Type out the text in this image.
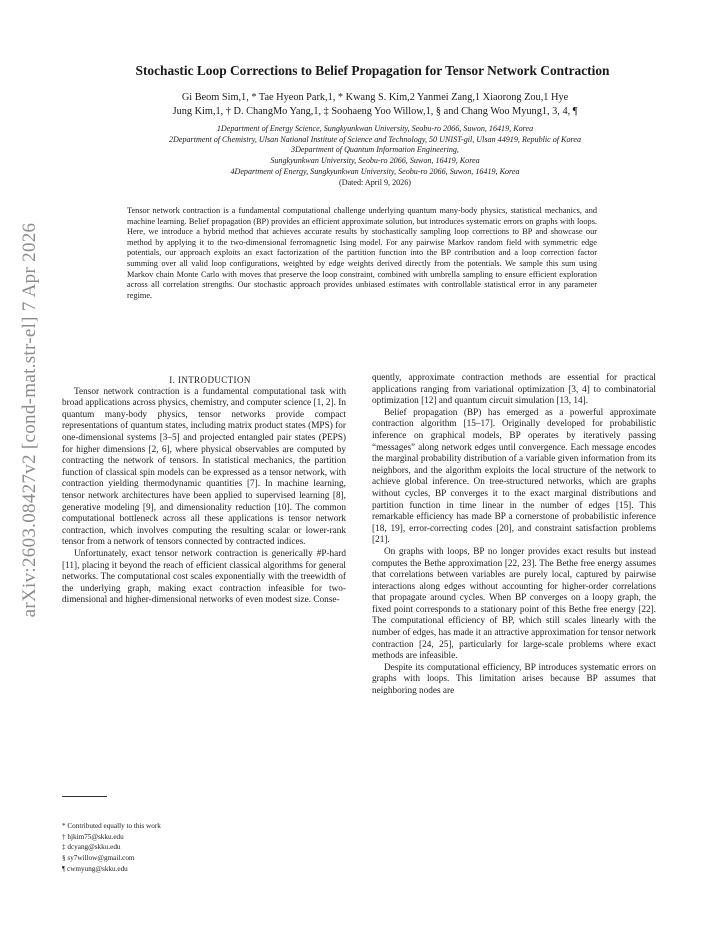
arXiv:2603.08427v2 [cond-mat.str-el] 7 Apr 2026
Stochastic Loop Corrections to Belief Propagation for Tensor Network Contraction
Gi Beom Sim,1, * Tae Hyeon Park,1, * Kwang S. Kim,2 Yanmei Zang,1 Xiaorong Zou,1 Hye
Jung Kim,1, † D. ChangMo Yang,1, ‡ Soohaeng Yoo Willow,1, § and Chang Woo Myung1, 3, 4, ¶
1Department of Energy Science, Sungkyunkwan University, Seobu-ro 2066, Suwon, 16419, Korea
2Department of Chemistry, Ulsan National Institute of Science and Technology, 50 UNIST-gil, Ulsan 44919, Republic of Korea
3Department of Quantum Information Engineering,
Sungkyunkwan University, Seobu-ro 2066, Suwon, 16419, Korea
4Department of Energy, Sungkyunkwan University, Seobu-ro 2066, Suwon, 16419, Korea
(Dated: April 9, 2026)
Tensor network contraction is a fundamental computational challenge underlying quantum many-body physics, statistical mechanics, and machine learning. Belief propagation (BP) provides an efficient approximate solution, but introduces systematic errors on graphs with loops. Here, we introduce a hybrid method that achieves accurate results by stochastically sampling loop corrections to BP and showcase our method by applying it to the two-dimensional ferromagnetic Ising model. For any pairwise Markov random field with symmetric edge potentials, our approach exploits an exact factorization of the partition function into the BP contribution and a loop correction factor summing over all valid loop configurations, weighted by edge weights derived directly from the potentials. We sample this sum using Markov chain Monte Carlo with moves that preserve the loop constraint, combined with umbrella sampling to ensure efficient exploration across all correlation strengths. Our stochastic approach provides unbiased estimates with controllable statistical error in any parameter regime.

I. INTRODUCTION

Tensor network contraction is a fundamental computational task with broad applications across physics, chemistry, and computer science [1, 2]. In quantum many-body physics, tensor networks provide compact representations of quantum states, including matrix product states (MPS) for one-dimensional systems [3–5] and projected entangled pair states (PEPS) for higher dimensions [2, 6], where physical observables are computed by contracting the network of tensors. In statistical mechanics, the partition function of classical spin models can be expressed as a tensor network, with contraction yielding thermodynamic quantities [7]. In machine learning, tensor network architectures have been applied to supervised learning [8], generative modeling [9], and dimensionality reduction [10]. The common computational bottleneck across all these applications is tensor network contraction, which involves computing the resulting scalar or lower-rank tensor from a network of tensors connected by contracted indices.

Unfortunately, exact tensor network contraction is generically #P-hard [11], placing it beyond the reach of efficient classical algorithms for general networks. The computational cost scales exponentially with the treewidth of the underlying graph, making exact contraction infeasible for two-dimensional and higher-dimensional networks of even modest size. Conse-

quently, approximate contraction methods are essential for practical applications ranging from variational optimization [3, 4] to combinatorial optimization [12] and quantum circuit simulation [13, 14].

Belief propagation (BP) has emerged as a powerful approximate contraction algorithm [15–17]. Originally developed for probabilistic inference on graphical models, BP operates by iteratively passing “messages” along network edges until convergence. Each message encodes the marginal probability distribution of a variable given information from its neighbors, and the algorithm exploits the local structure of the network to achieve global inference. On tree-structured networks, which are graphs without cycles, BP converges it to the exact marginal distributions and partition function in time linear in the number of edges [15]. This remarkable efficiency has made BP a cornerstone of probabilistic inference [18, 19], error-correcting codes [20], and constraint satisfaction problems [21].

On graphs with loops, BP no longer provides exact results but instead computes the Bethe approximation [22, 23]. The Bethe free energy assumes that correlations between variables are purely local, captured by pairwise interactions along edges without accounting for higher-order correlations that propagate around cycles. When BP converges on a loopy graph, the fixed point corresponds to a stationary point of this Bethe free energy [22]. The computational efficiency of BP, which still scales linearly with the number of edges, has made it an attractive approximation for tensor network contraction [24, 25], particularly for large-scale problems where exact methods are infeasible.

Despite its computational efficiency, BP introduces systematic errors on graphs with loops. This limitation arises because BP assumes that neighboring nodes are

* Contributed equally to this work
† hjkim75@skku.edu
‡ dcyang@skku.edu
§ sy7willow@gmail.com
¶ cwmyung@skku.edu
